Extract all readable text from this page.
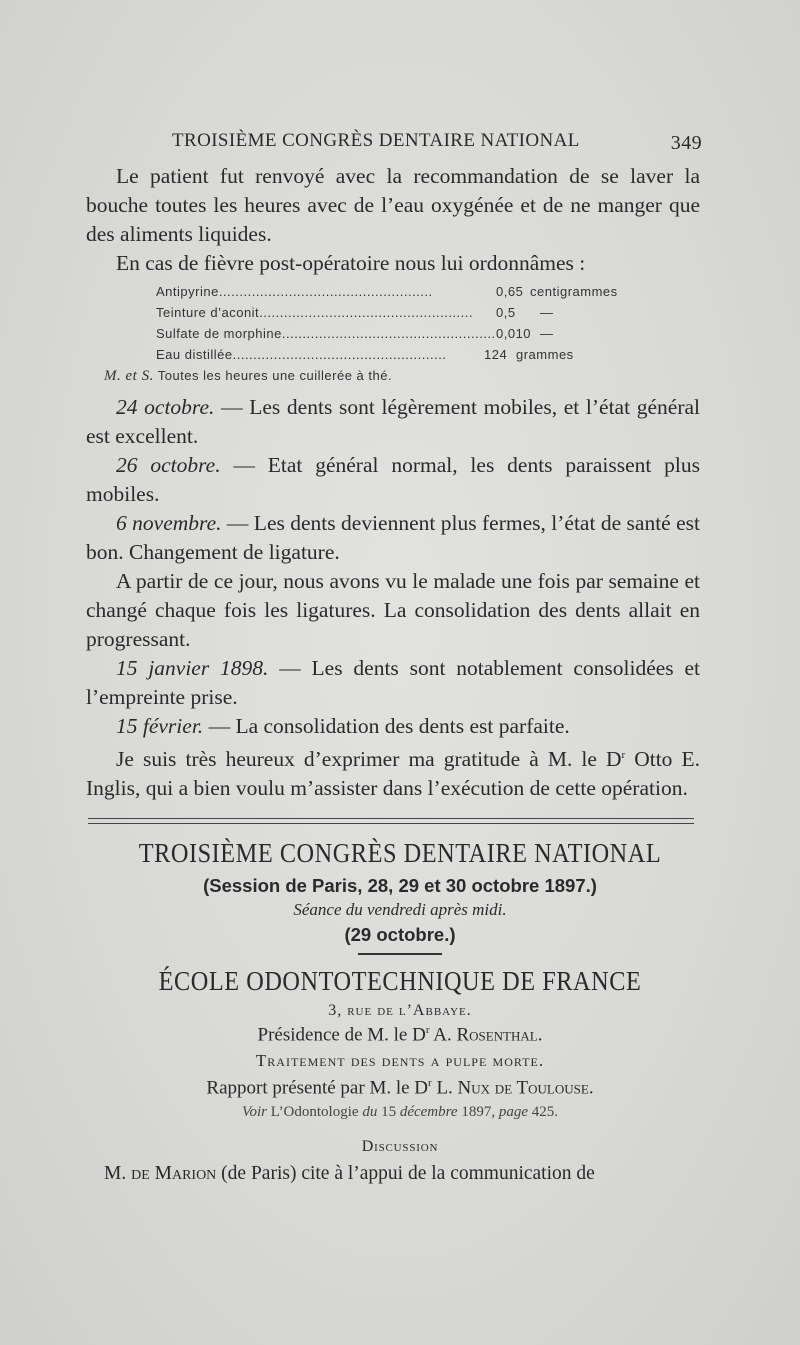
TROISIÈME CONGRÈS DENTAIRE NATIONAL	349

Le patient fut renvoyé avec la recommandation de se laver la bouche toutes les heures avec de l’eau oxygénée et de ne manger que des aliments liquides.

En cas de fièvre post-opératoire nous lui ordonnâmes :

Antipyrine....................................................	0,65 centigrammes
Teinture d’aconit.................................................... 0,5 —
Sulfate de morphine.................................................... 0,010 —
Eau distillée....................................................	124 grammes
M. et S. Toutes les heures une cuillerée à thé.

24 octobre. — Les dents sont légèrement mobiles, et l’état général est excellent.

26 octobre. — Etat général normal, les dents paraissent plus mobiles.

6 novembre. — Les dents deviennent plus fermes, l’état de santé est bon. Changement de ligature.

A partir de ce jour, nous avons vu le malade une fois par semaine et changé chaque fois les ligatures. La consolidation des dents allait en progressant.

15 janvier 1898. — Les dents sont notablement consolidées et l’empreinte prise.

15 février. — La consolidation des dents est parfaite.

Je suis très heureux d’exprimer ma gratitude à M. le $D^r$ Otto E. Inglis, qui a bien voulu m’assister dans l’exécution de cette opération.

TROISIÈME CONGRÈS DENTAIRE NATIONAL
(Session de Paris, 28, 29 et 30 octobre 1897.)
Séance du vendredi après midi.
(29 octobre.)
ÉCOLE ODONTOTECHNIQUE DE FRANCE
3, rue de l’Abbaye.
Présidence de M. le $D^r$ A. Rosenthal.
Traitement des dents a pulpe morte.
Rapport présenté par M. le $D^r$ L. Nux de Toulouse.
Voir L’Odontologie du 15 décembre 1897, page 425.
Discussion
M. de Marion (de Paris) cite à l’appui de la communication de
